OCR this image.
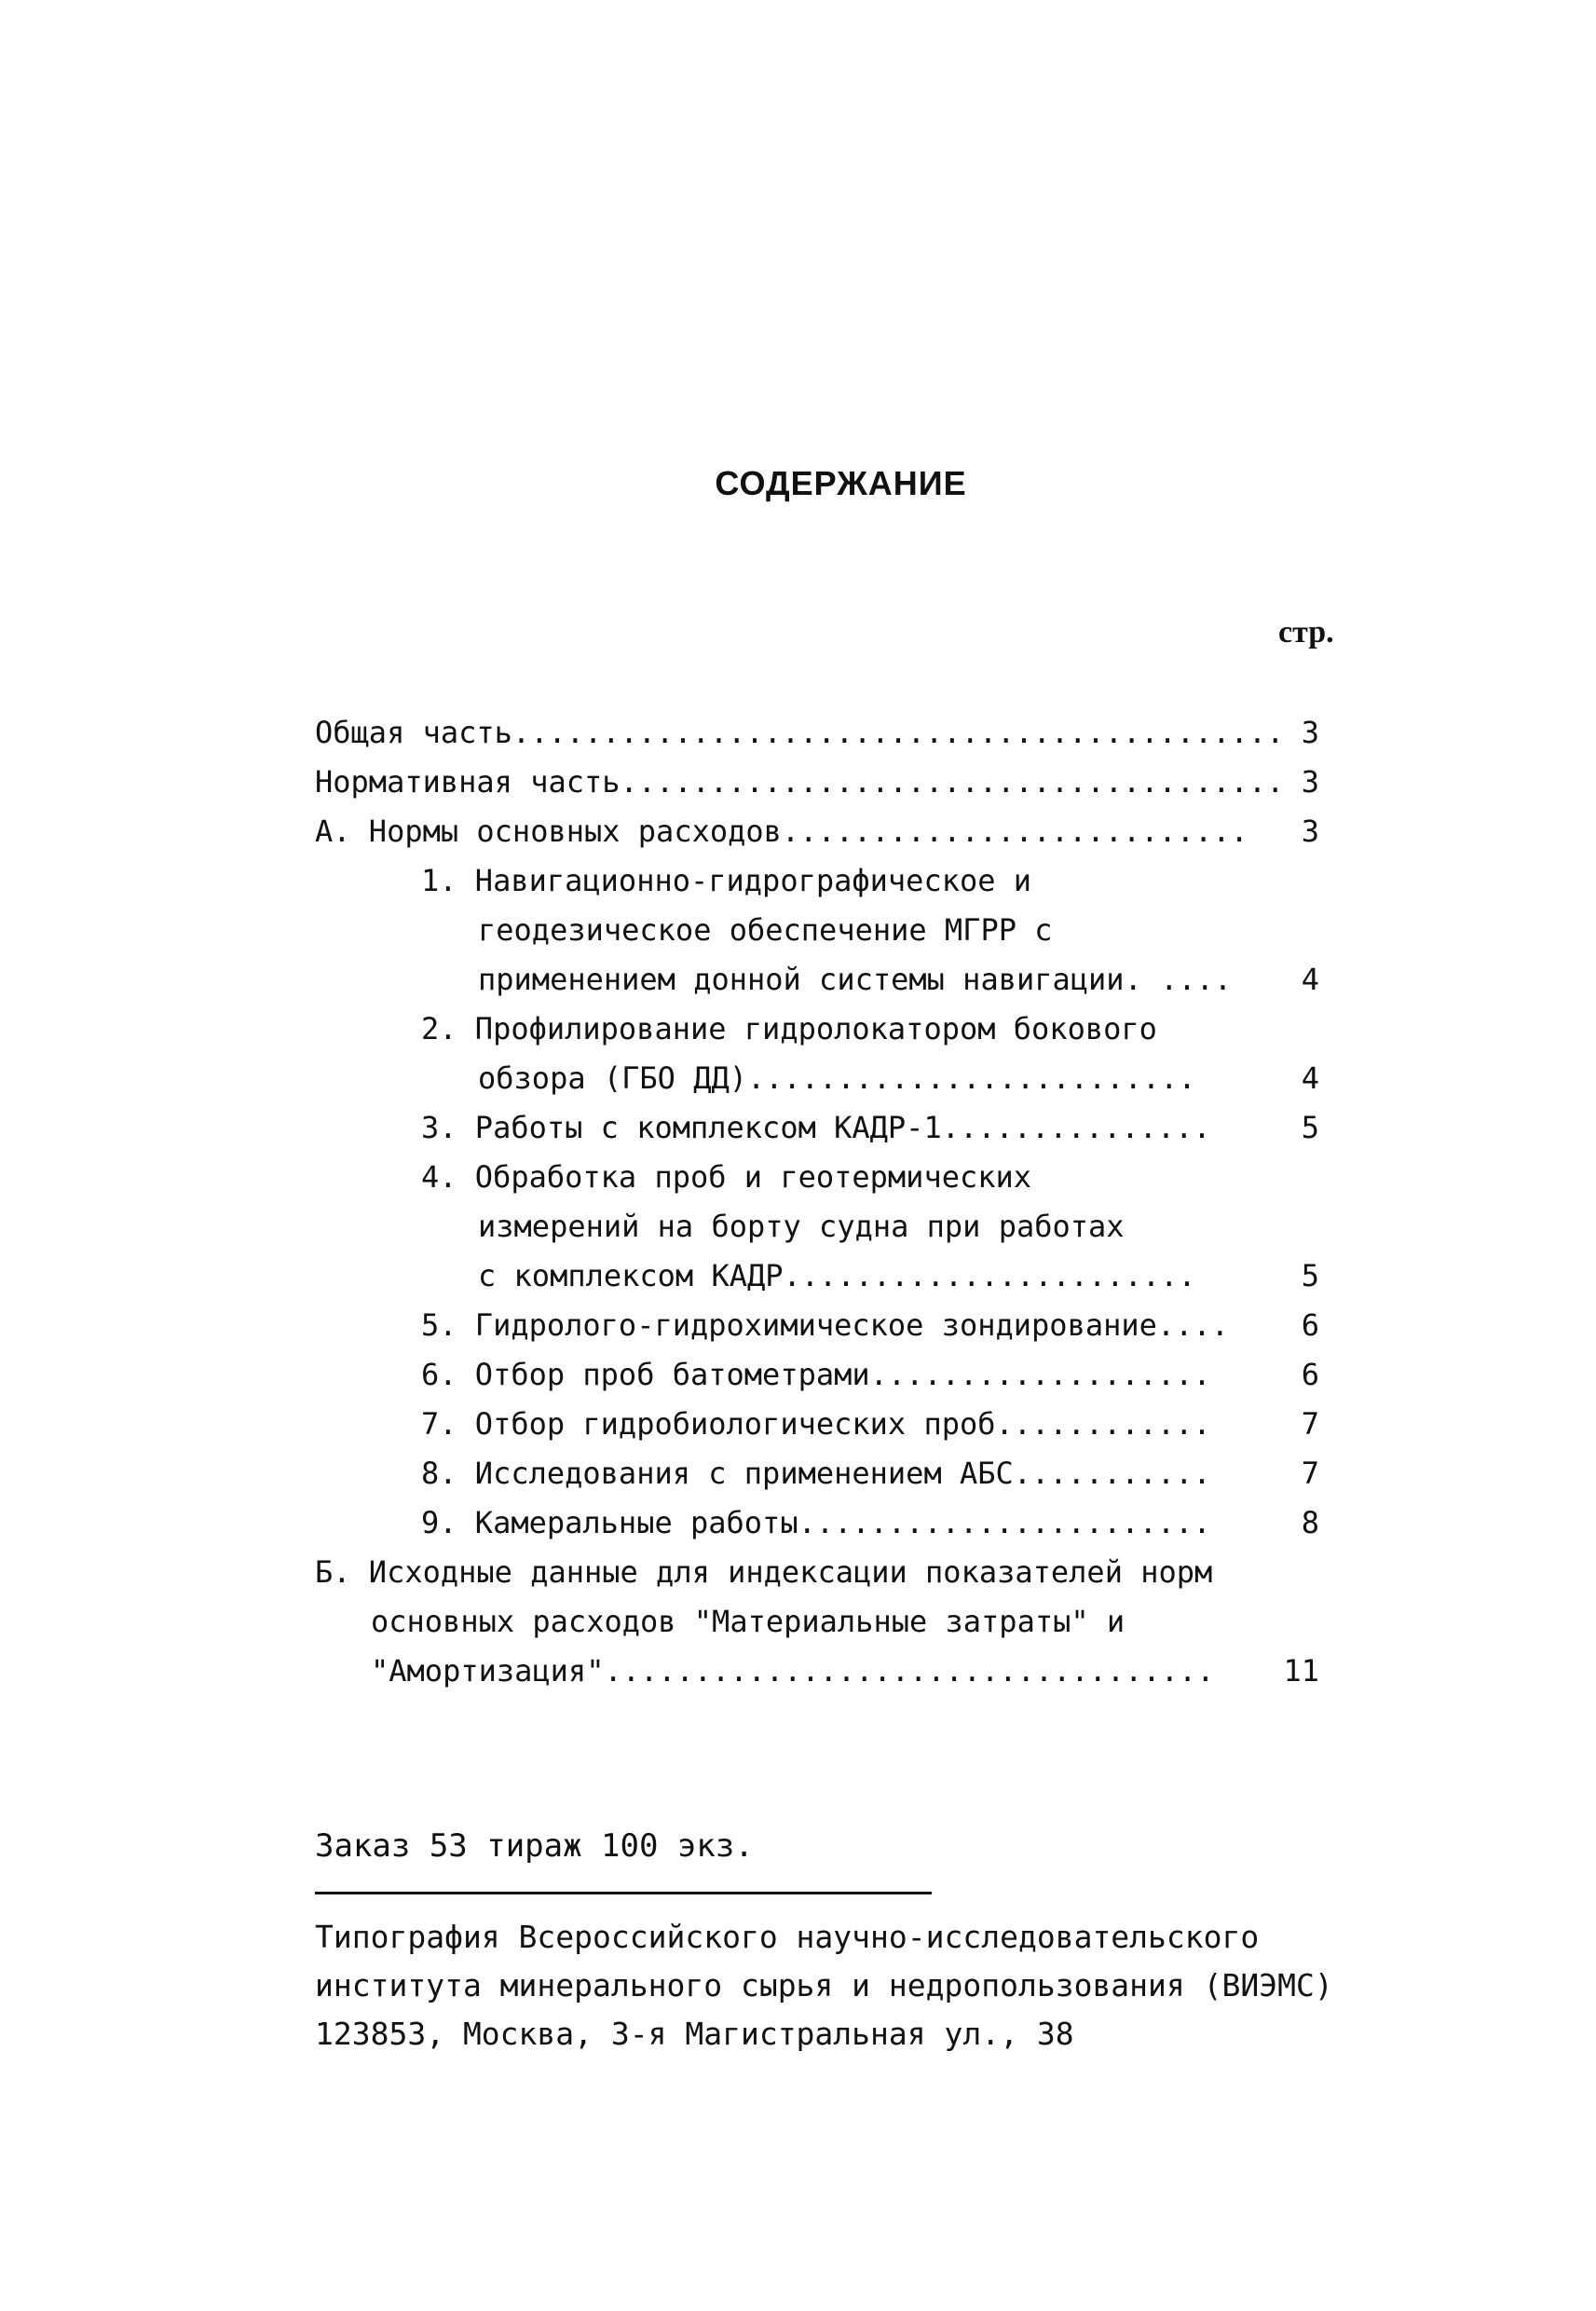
СОДЕРЖАНИЕ
стр.
Общая часть........................................... 3
Нормативная часть..................................... 3
А. Нормы основных расходов..........................	3
1. Навигационно-гидрографическое и
геодезическое обеспечение МГРР с
применением донной системы навигации. ....	4
2. Профилирование гидролокатором бокового
обзора (ГБО ДД).........................	4
3. Работы с комплексом КАДР-1...............	5
4. Обработка проб и геотермических
измерений на борту судна при работах
с комплексом КАДР.......................	5
5. Гидролого-гидрохимическое зондирование....	6
6. Отбор проб батометрами...................	6
7. Отбор гидробиологических проб............	7
8. Исследования с применением АБС...........	7
9. Камеральные работы.......................	8
Б. Исходные данные для индексации показателей норм
основных расходов "Материальные затраты" и
"Амортизация"..................................	11
Заказ 53 тираж 100 экз.
Типография Всероссийского научно-исследовательского
института минерального сырья и недропользования (ВИЭМС)
123853, Москва, 3-я Магистральная ул., 38
